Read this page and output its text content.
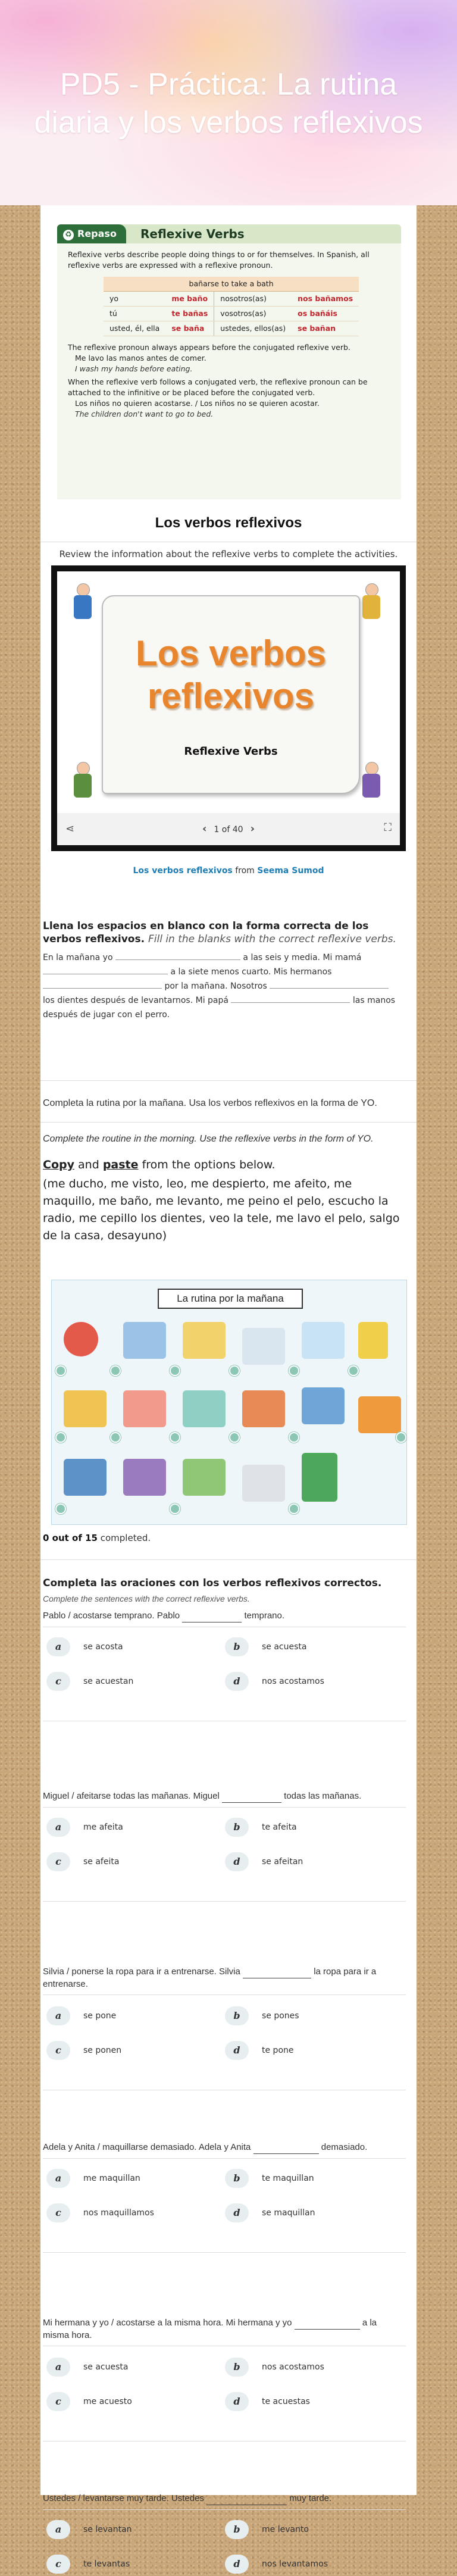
PD5 - Práctica: La rutina diaria y los verbos reflexivos
♻ Repaso	Reflexive Verbs
Reflexive verbs describe people doing things to or for themselves. In Spanish, all reflexive verbs are expressed with a reflexive pronoun.
bañarse to take a bath			
yo	me baño	nosotros(as)	nos bañamos
tú	te bañas	vosotros(as)	os bañáis
usted, él, ella	se baña	ustedes, ellos(as)	se bañan
The reflexive pronoun always appears before the conjugated reflexive verb.
Me lavo las manos antes de comer.
I wash my hands before eating.
When the reflexive verb follows a conjugated verb, the reflexive pronoun can be attached to the infinitive or be placed before the conjugated verb.
Los niños no quieren acostarse. / Los niños no se quieren acostar.
The children don't want to go to bed.
Los verbos reflexivos
Review the information about the reflexive verbs to complete the activities.
Los verbos reflexivos
Reflexive Verbs
⋖	‹ 1 of 40 ›	⛶
Los verbos reflexivos from Seema Sumod
Llena los espacios en blanco con la forma correcta de los verbos reflexivos. Fill in the blanks with the correct reflexive verbs.
En la mañana yo	a las seis y media. Mi mamá  a la siete menos cuarto. Mis hermanos  por la mañana. Nosotros  los dientes después de levantarnos. Mi papá	las manos después de jugar con el perro.
Completa la rutina por la mañana. Usa los verbos reflexivos en la forma de YO.
Complete the routine in the morning. Use the reflexive verbs in the form of YO.
Copy and paste from the options below.
(me ducho, me visto, leo, me despierto, me afeito, me maquillo, me baño, me levanto, me peino el pelo, escucho la radio, me cepillo los dientes, veo la tele, me lavo el pelo, salgo de la casa, desayuno)
La rutina por la mañana
0 out of 15 completed.
Completa las oraciones con los verbos reflexivos correctos.
Complete the sentences with the correct reflexive verbs.
Pablo / acostarse temprano. Pablo	temprano.
a	se acosta	b	se acuesta
c	se acuestan	d	nos acostamos
Miguel / afeitarse todas las mañanas. Miguel	todas las mañanas.
a	me afeita	b	te afeita
c	se afeita	d	se afeitan
Silvia / ponerse la ropa para ir a entrenarse. Silvia	la ropa para ir a entrenarse.
a	se pone	b	se pones
c	se ponen	d	te pone
Adela y Anita / maquillarse demasiado. Adela y Anita	demasiado.
a	me maquillan	b	te maquillan
c	nos maquillamos	d	se maquillan
Mi hermana y yo / acostarse a la misma hora. Mi hermana y yo	a la misma hora.
a	se acuesta	b	nos acostamos
c	me acuesto	d	te acuestas
Ustedes / levantarse muy tarde. Ustedes	muy tarde.
a	se levantan	b	me levanto
c	te levantas	d	nos levantamos
